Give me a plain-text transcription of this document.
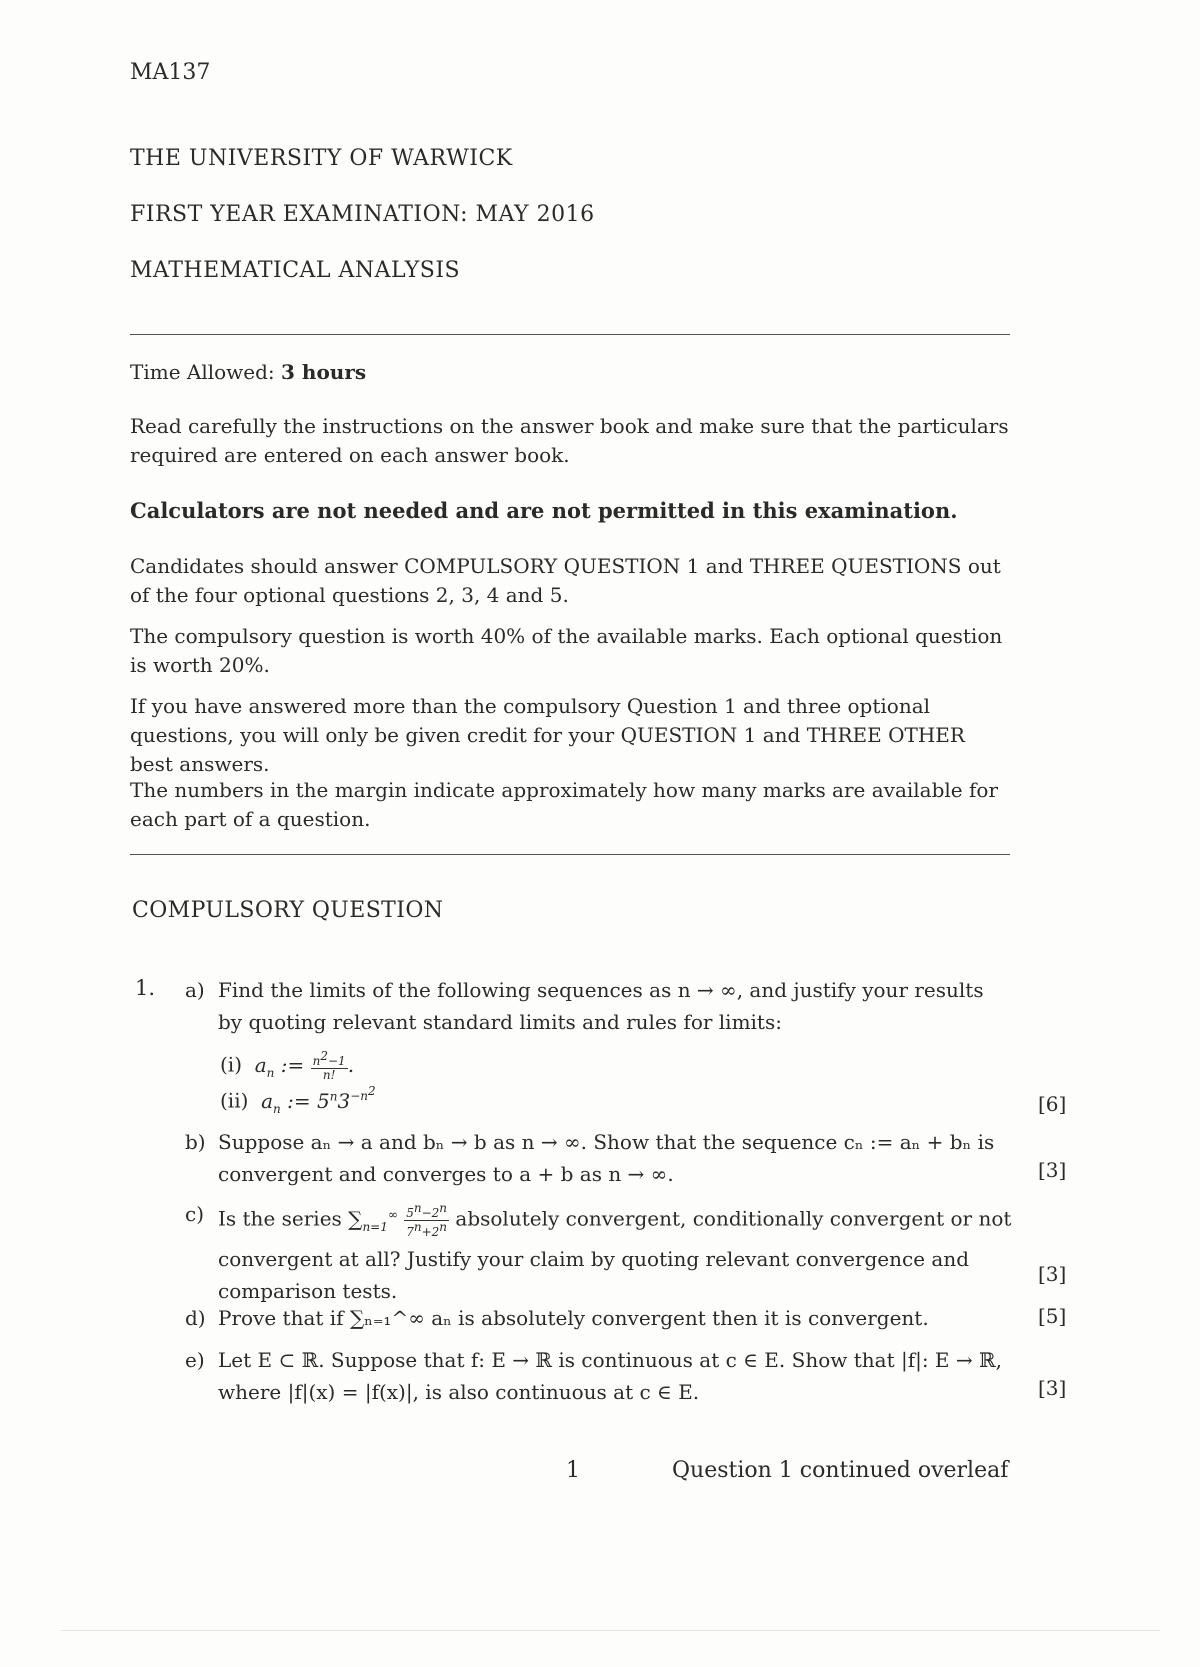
MA137
THE UNIVERSITY OF WARWICK
FIRST YEAR EXAMINATION: MAY 2016
MATHEMATICAL ANALYSIS
Time Allowed: 3 hours
Read carefully the instructions on the answer book and make sure that the particulars required are entered on each answer book.
Calculators are not needed and are not permitted in this examination.
Candidates should answer COMPULSORY QUESTION 1 and THREE QUESTIONS out of the four optional questions 2, 3, 4 and 5.
The compulsory question is worth 40% of the available marks. Each optional question is worth 20%.
If you have answered more than the compulsory Question 1 and three optional questions, you will only be given credit for your QUESTION 1 and THREE OTHER best answers.
The numbers in the margin indicate approximately how many marks are available for each part of a question.
COMPULSORY QUESTION
1. a) Find the limits of the following sequences as n → ∞, and justify your results by quoting relevant standard limits and rules for limits:
(i)  $a_n$ := $\frac{n^2-1}{n!}$ .
(ii)  $a_n$ := $5^n3^{-n^2}$
[6]
b) Suppose aₙ → a and bₙ → b as n → ∞. Show that the sequence cₙ := aₙ + bₙ is convergent and converges to a + b as n → ∞.	[3]
c) Is the series $\sum_{n=1}^\infty \frac{5^n-2^n}{7^n+2^n}$ absolutely convergent, conditionally convergent or not convergent at all? Justify your claim by quoting relevant convergence and comparison tests.
[3]
d) Prove that if ∑ₙ₌₁^∞ aₙ is absolutely convergent then it is convergent.	[5]
e) Let E ⊂ ℝ. Suppose that f: E → ℝ is continuous at c ∈ E. Show that |f|: E → ℝ, where |f|(x) = |f(x)|, is also continuous at c ∈ E.	[3]
1	Question 1 continued overleaf
